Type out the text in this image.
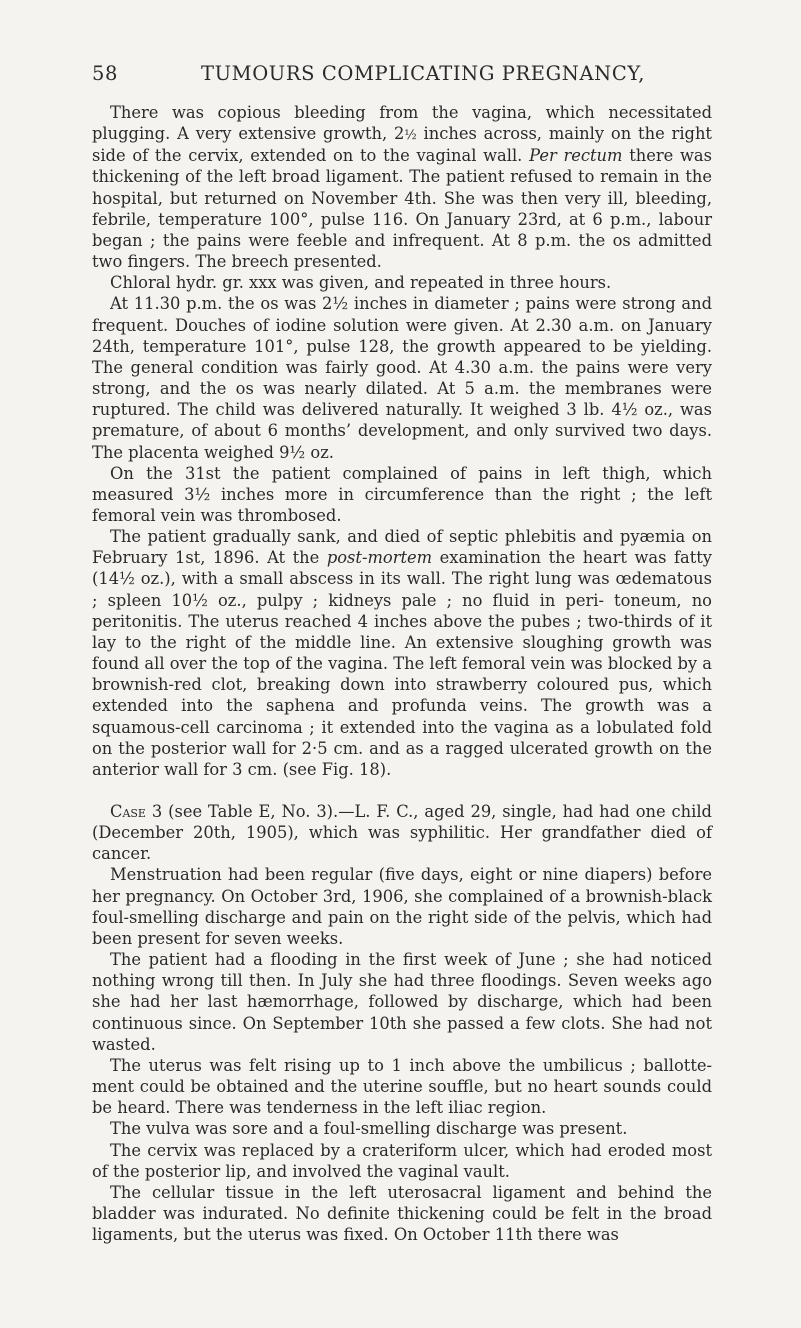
58	TUMOURS COMPLICATING PREGNANCY,

There was copious bleeding from the vagina, which necessitated plugging. A very extensive growth, 2½ inches across, mainly on the right side of the cervix, extended on to the vaginal wall. Per rectum there was thickening of the left broad ligament. The patient refused to remain in the hospital, but returned on November 4th. She was then very ill, bleeding, febrile, temperature 100°, pulse 116. On January 23rd, at 6 p.m., labour began ; the pains were feeble and infrequent. At 8 p.m. the os admitted two fingers. The breech presented.

Chloral hydr. gr. xxx was given, and repeated in three hours.

At 11.30 p.m. the os was 2½ inches in diameter ; pains were strong and frequent. Douches of iodine solution were given. At 2.30 a.m. on January 24th, temperature 101°, pulse 128, the growth appeared to be yielding. The general condition was fairly good. At 4.30 a.m. the pains were very strong, and the os was nearly dilated. At 5 a.m. the membranes were ruptured. The child was delivered naturally. It weighed 3 lb. 4½ oz., was premature, of about 6 months’ development, and only survived two days. The placenta weighed 9½ oz.

On the 31st the patient complained of pains in left thigh, which measured 3½ inches more in circumference than the right ; the left femoral vein was thrombosed.

The patient gradually sank, and died of septic phlebitis and pyæmia on February 1st, 1896. At the post-mortem examination the heart was fatty (14½ oz.), with a small abscess in its wall. The right lung was œdematous ; spleen 10½ oz., pulpy ; kidneys pale ; no fluid in peri- toneum, no peritonitis. The uterus reached 4 inches above the pubes ; two-thirds of it lay to the right of the middle line. An extensive sloughing growth was found all over the top of the vagina. The left femoral vein was blocked by a brownish-red clot, breaking down into strawberry coloured pus, which extended into the saphena and profunda veins. The growth was a squamous-cell carcinoma ; it extended into the vagina as a lobulated fold on the posterior wall for 2·5 cm. and as a ragged ulcerated growth on the anterior wall for 3 cm. (see Fig. 18).

Case 3 (see Table E, No. 3).—L. F. C., aged 29, single, had had one child (December 20th, 1905), which was syphilitic. Her grandfather died of cancer.

Menstruation had been regular (five days, eight or nine diapers) before her pregnancy. On October 3rd, 1906, she complained of a brownish-black foul-smelling discharge and pain on the right side of the pelvis, which had been present for seven weeks.

The patient had a flooding in the first week of June ; she had noticed nothing wrong till then. In July she had three floodings. Seven weeks ago she had her last hæmorrhage, followed by discharge, which had been continuous since. On September 10th she passed a few clots. She had not wasted.

The uterus was felt rising up to 1 inch above the umbilicus ; ballotte- ment could be obtained and the uterine souffle, but no heart sounds could be heard. There was tenderness in the left iliac region.

The vulva was sore and a foul-smelling discharge was present.

The cervix was replaced by a crateriform ulcer, which had eroded most of the posterior lip, and involved the vaginal vault.

The cellular tissue in the left uterosacral ligament and behind the bladder was indurated. No definite thickening could be felt in the broad ligaments, but the uterus was fixed. On October 11th there was
